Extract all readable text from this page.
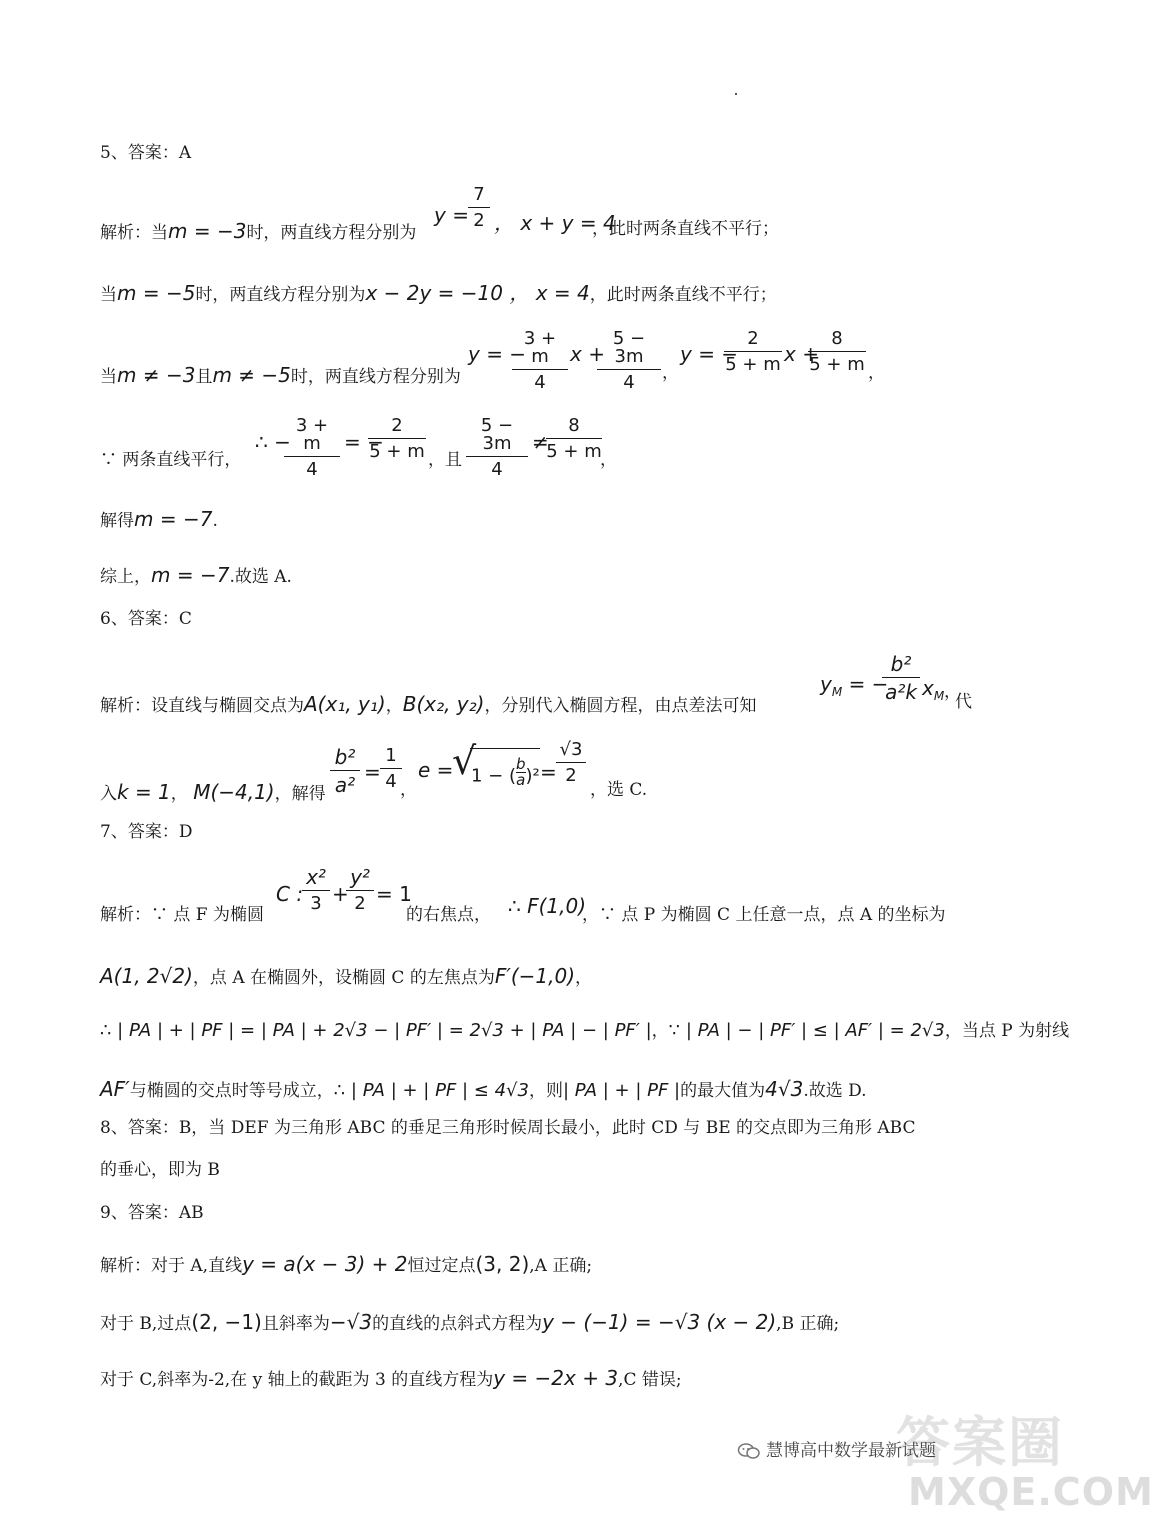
5、答案：A
解析：当m = −3时，两直线方程分别为
$y = \frac{7}{2}$ ， x + y = 4
，此时两条直线不平行；
当m = −5时，两直线方程分别为x − 2y = −10 ， x = 4，此时两条直线不平行；
当m ≠ −3且m ≠ −5时，两直线方程分别为
y = −
$\frac{3 + m}{4}$ x +
$\frac{5 - 3m}{4}$ ，
y = −
$\frac{2}{5 + m}$ x +
$\frac{8}{5 + m}$ ，
∵ 两条直线平行，
∴ −
$\frac{3 + m}{4}$ = −
$\frac{2}{5 + m}$ ，且 $\frac{5 - 3m}{4}$ ≠
$\frac{8}{5 + m}$
，
解得m = −7.
综上，m = −7.故选 A.
6、答案：C
解析：设直线与椭圆交点为A(x₁, y₁)，B(x₂, y₂)，分别代入椭圆方程，由点差法可知
$y_M$ = −
$\frac{\text{b²}}{\text{a²k}} x_M$ ，
代
入k = 1， M(−4,1)，解得 $\frac{\text{b²}}{\text{a²}} = \frac{1}{4}$
，
e =
√
1 − ( $\frac{b}{a} )^2 = \frac{√3}{2}$
，选 C.
7、答案：D
解析：∵ 点 F 为椭圆
C :
$\frac{\text{x²}}{3}$ +
$\frac{\text{y²}}{2} = 1$
的右焦点， ∴ F(1,0)
，∵ 点 P 为椭圆 C 上任意一点，点 A 的坐标为
A(1, 2√2)，点 A 在椭圆外，设椭圆 C 的左焦点为F′(−1,0)，
∴ | PA | + | PF | = | PA | + 2√3 − | PF′ | = 2√3 + | PA | − | PF′ |，∵ | PA | − | PF′ | ≤ | AF′ | = 2√3，当点 P 为射线
AF′与椭圆的交点时等号成立，∴ | PA | + | PF | ≤ 4√3，则| PA | + | PF |的最大值为4√3.故选 D.
8、答案：B，当 DEF 为三角形 ABC 的垂足三角形时候周长最小，此时 CD 与 BE 的交点即为三角形 ABC
的垂心，即为 B
9、答案：AB
解析：对于 A,直线y = a(x − 3) + 2恒过定点(3, 2),A 正确;
对于 B,过点(2, −1)且斜率为−√3的直线的点斜式方程为y − (−1) = −√3 (x − 2),B 正确;
对于 C,斜率为-2,在 y 轴上的截距为 3 的直线方程为y = −2x + 3,C 错误;
答案圈
慧博高中数学最新试题
MXQE.COM
